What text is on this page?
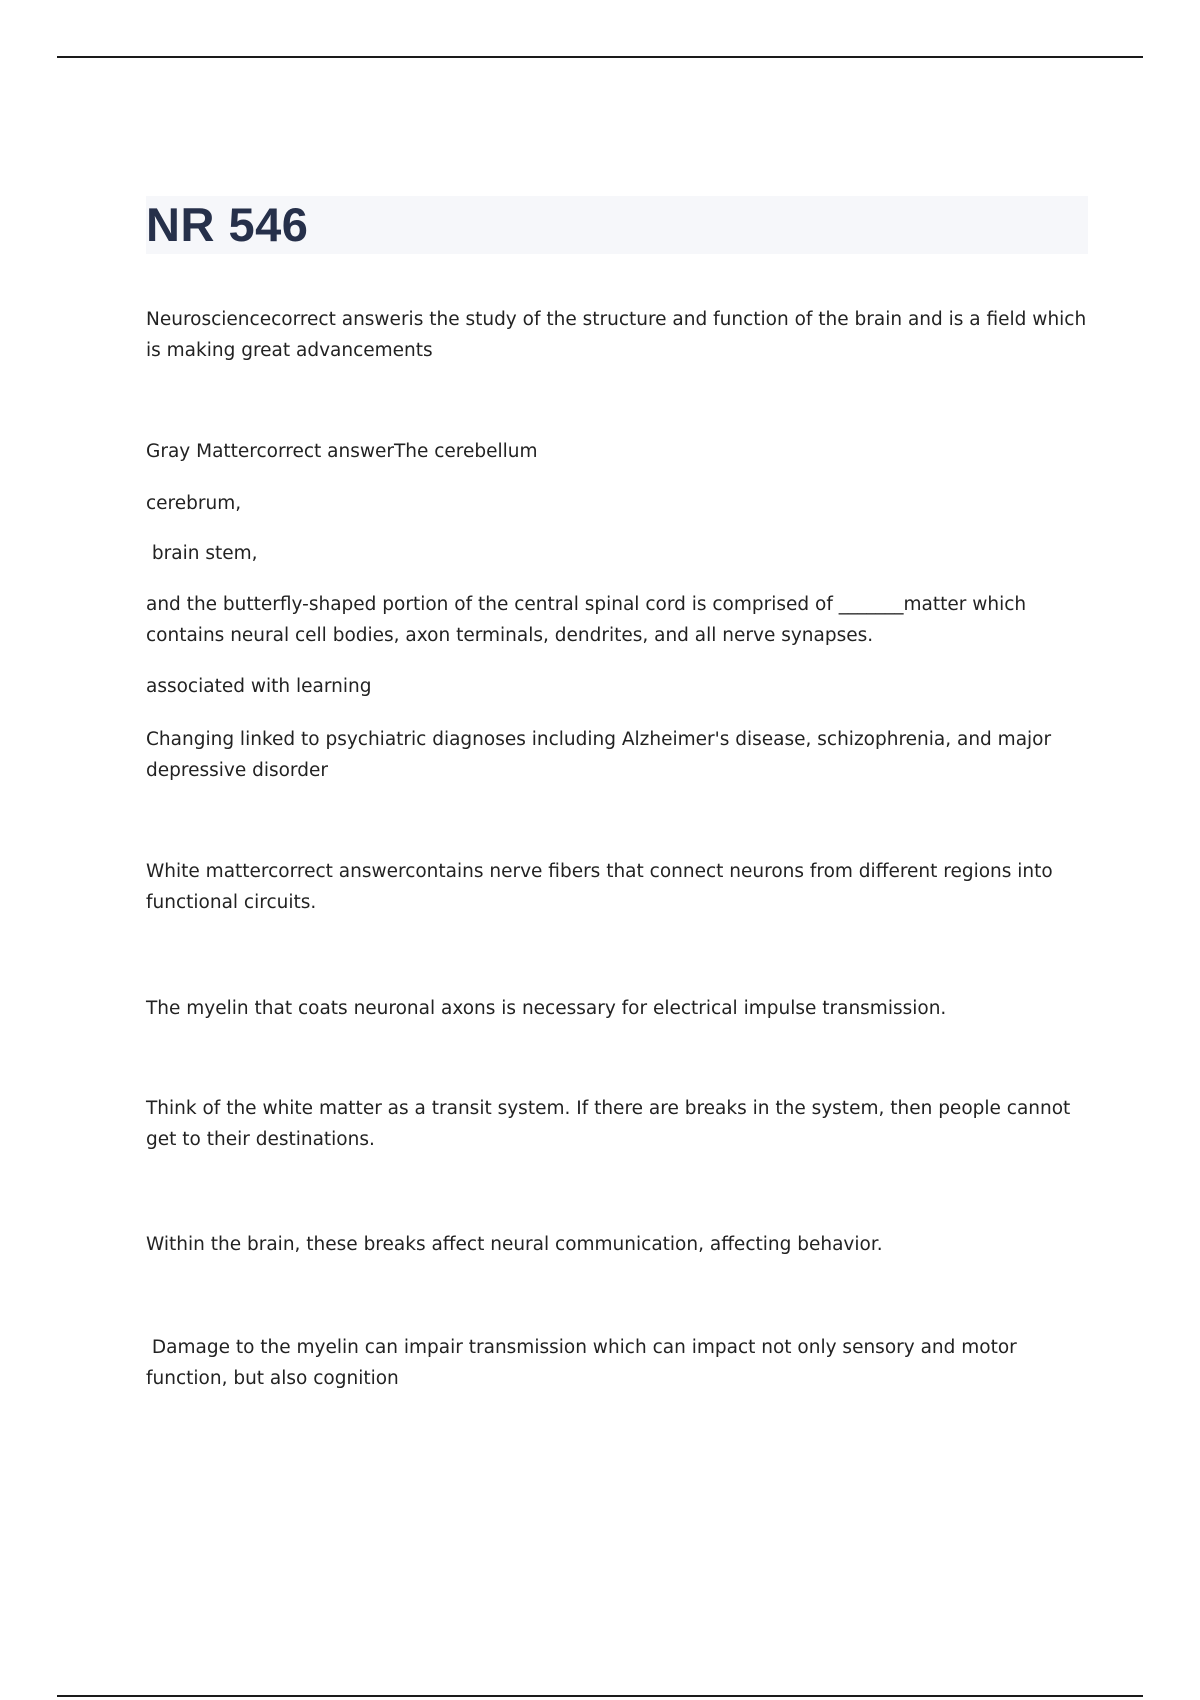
NR 546

Neurosciencecorrect answeris the study of the structure and function of the brain and is a field which is making great advancements

Gray Mattercorrect answerThe cerebellum

cerebrum,

brain stem,

and the butterfly-shaped portion of the central spinal cord is comprised of _______matter which contains neural cell bodies, axon terminals, dendrites, and all nerve synapses.

associated with learning

Changing linked to psychiatric diagnoses including Alzheimer's disease, schizophrenia, and major depressive disorder

White mattercorrect answercontains nerve fibers that connect neurons from different regions into functional circuits.

The myelin that coats neuronal axons is necessary for electrical impulse transmission.

Think of the white matter as a transit system. If there are breaks in the system, then people cannot get to their destinations.

Within the brain, these breaks affect neural communication, affecting behavior.

Damage to the myelin can impair transmission which can impact not only sensory and motor function, but also cognition
